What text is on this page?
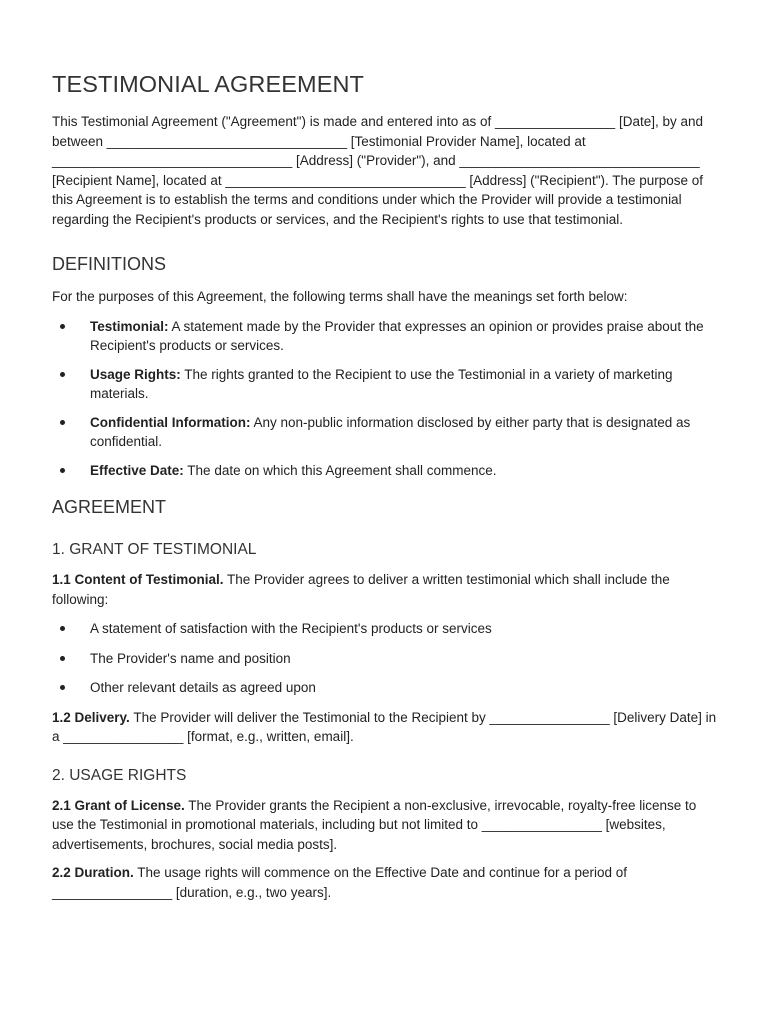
TESTIMONIAL AGREEMENT

This Testimonial Agreement ("Agreement") is made and entered into as of ________________ [Date], by and between ________________________________ [Testimonial Provider Name], located at ________________________________ [Address] ("Provider"), and ________________________________ [Recipient Name], located at ________________________________ [Address] ("Recipient"). The purpose of this Agreement is to establish the terms and conditions under which the Provider will provide a testimonial regarding the Recipient's products or services, and the Recipient's rights to use that testimonial.

DEFINITIONS

For the purposes of this Agreement, the following terms shall have the meanings set forth below:

Testimonial: A statement made by the Provider that expresses an opinion or provides praise about the Recipient's products or services.
Usage Rights: The rights granted to the Recipient to use the Testimonial in a variety of marketing materials.
Confidential Information: Any non-public information disclosed by either party that is designated as confidential.
Effective Date: The date on which this Agreement shall commence.
AGREEMENT
1. GRANT OF TESTIMONIAL

1.1 Content of Testimonial. The Provider agrees to deliver a written testimonial which shall include the following:

A statement of satisfaction with the Recipient's products or services
The Provider's name and position
Other relevant details as agreed upon

1.2 Delivery. The Provider will deliver the Testimonial to the Recipient by ________________ [Delivery Date] in a ________________ [format, e.g., written, email].

2. USAGE RIGHTS

2.1 Grant of License. The Provider grants the Recipient a non-exclusive, irrevocable, royalty-free license to use the Testimonial in promotional materials, including but not limited to ________________ [websites, advertisements, brochures, social media posts].

2.2 Duration. The usage rights will commence on the Effective Date and continue for a period of ________________ [duration, e.g., two years].
